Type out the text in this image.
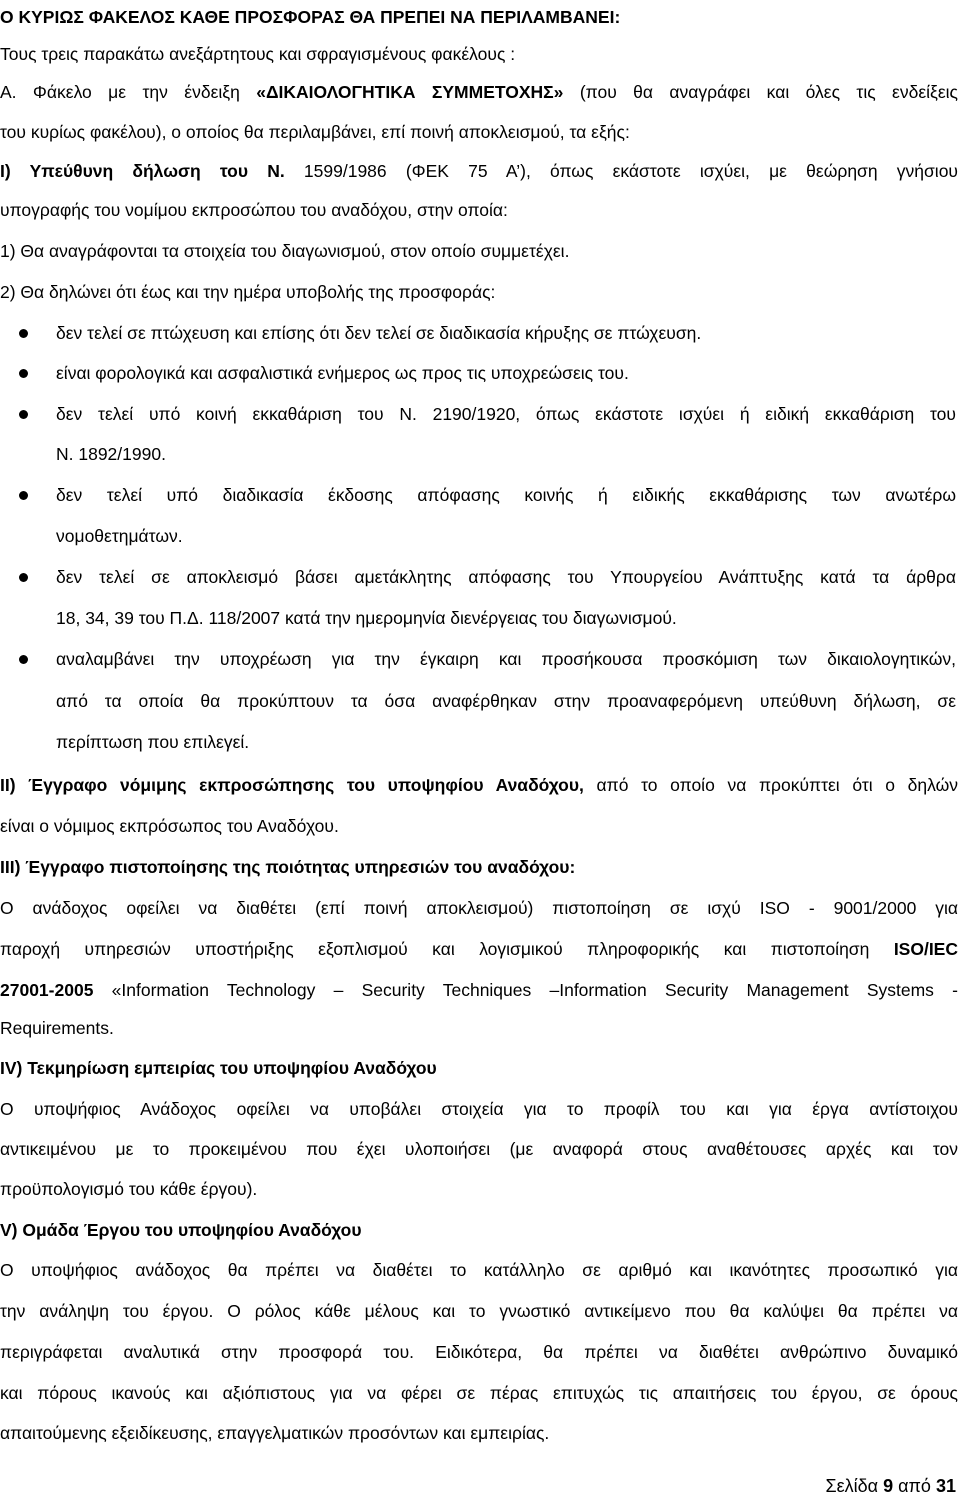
Ο ΚΥΡΙΩΣ ΦΑΚΕΛΟΣ ΚΑΘΕ ΠΡΟΣΦΟΡΑΣ ΘΑ ΠΡΕΠΕΙ ΝΑ ΠΕΡΙΛΑΜΒΑΝΕΙ:
Τους τρεις παρακάτω ανεξάρτητους και σφραγισμένους φακέλους :
Α. Φάκελο με την ένδειξη «ΔΙΚΑΙΟΛΟΓΗΤΙΚΑ ΣΥΜΜΕΤΟΧΗΣ» (που θα αναγράφει και όλες τις ενδείξεις
του κυρίως φακέλου), ο οποίος θα περιλαμβάνει, επί ποινή αποκλεισμού, τα εξής:
Ι) Υπεύθυνη δήλωση του Ν. 1599/1986 (ΦΕΚ 75 Α’), όπως εκάστοτε ισχύει, με θεώρηση γνήσιου
υπογραφής του νομίμου εκπροσώπου του αναδόχου, στην οποία:
1) Θα αναγράφονται τα στοιχεία του διαγωνισμού, στον οποίο συμμετέχει.
2) Θα δηλώνει ότι έως και την ημέρα υποβολής της προσφοράς:
δεν τελεί σε πτώχευση και επίσης ότι δεν τελεί σε διαδικασία κήρυξης σε πτώχευση.
είναι φορολογικά και ασφαλιστικά ενήμερος ως προς τις υποχρεώσεις του.
δεν τελεί υπό κοινή εκκαθάριση του Ν. 2190/1920, όπως εκάστοτε ισχύει ή ειδική εκκαθάριση του
Ν. 1892/1990.
δεν τελεί υπό διαδικασία έκδοσης απόφασης κοινής ή ειδικής εκκαθάρισης των ανωτέρω
νομοθετημάτων.
δεν τελεί σε αποκλεισμό βάσει αμετάκλητης απόφασης του Υπουργείου Ανάπτυξης κατά τα άρθρα
18, 34, 39 του Π.Δ. 118/2007 κατά την ημερομηνία διενέργειας του διαγωνισμού.
αναλαμβάνει την υποχρέωση για την έγκαιρη και προσήκουσα προσκόμιση των δικαιολογητικών,
από τα οποία θα προκύπτουν τα όσα αναφέρθηκαν στην προαναφερόμενη υπεύθυνη δήλωση, σε
περίπτωση που επιλεγεί.
ΙΙ) Έγγραφο νόμιμης εκπροσώπησης του υποψηφίου Αναδόχου, από το οποίο να προκύπτει ότι ο δηλών
είναι ο νόμιμος εκπρόσωπος του Αναδόχου.
ΙΙΙ) Έγγραφο πιστοποίησης της ποιότητας υπηρεσιών του αναδόχου:
Ο ανάδοχος οφείλει να διαθέτει (επί ποινή αποκλεισμού) πιστοποίηση σε ισχύ ISO - 9001/2000 για
παροχή υπηρεσιών υποστήριξης εξοπλισμού και λογισμικού πληροφορικής και πιστοποίηση ISO/IEC
27001-2005 «Information Technology – Security Techniques –Information Security Management Systems -
Requirements.
IV) Τεκμηρίωση εμπειρίας του υποψηφίου Αναδόχου
Ο υποψήφιος Ανάδοχος οφείλει να υποβάλει στοιχεία για το προφίλ του και για έργα αντίστοιχου
αντικειμένου με το προκειμένου που έχει υλοποιήσει (με αναφορά στους αναθέτουσες αρχές και τον
προϋπολογισμό του κάθε έργου).
V) Ομάδα Έργου του υποψηφίου Αναδόχου
Ο υποψήφιος ανάδοχος θα πρέπει να διαθέτει το κατάλληλο σε αριθμό και ικανότητες προσωπικό για
την ανάληψη του έργου. Ο ρόλος κάθε μέλους και το γνωστικό αντικείμενο που θα καλύψει θα πρέπει να
περιγράφεται αναλυτικά στην προσφορά του. Ειδικότερα, θα πρέπει να διαθέτει ανθρώπινο δυναμικό
και πόρους ικανούς και αξιόπιστους για να φέρει σε πέρας επιτυχώς τις απαιτήσεις του έργου, σε όρους
απαιτούμενης εξειδίκευσης, επαγγελματικών προσόντων και εμπειρίας.
Σελίδα 9 από 31
